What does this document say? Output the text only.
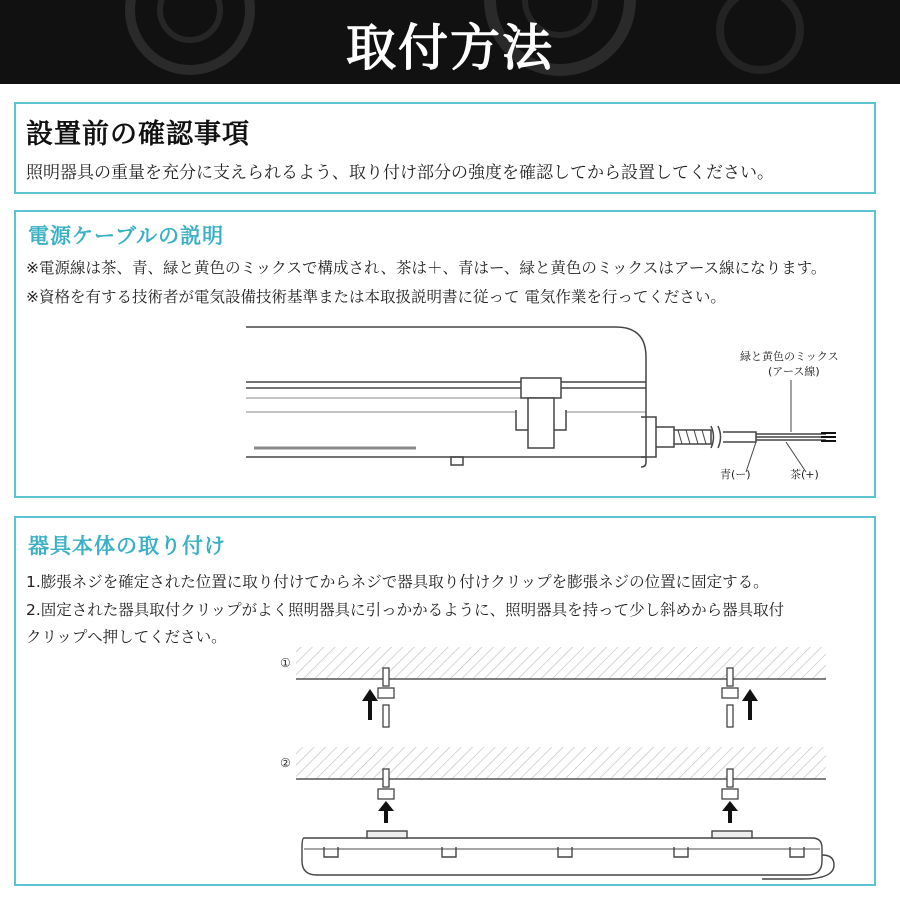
取付方法
設置前の確認事項
照明器具の重量を充分に支えられるよう、取り付け部分の強度を確認してから設置してください。
電源ケーブルの説明
※電源線は茶、青、緑と黄色のミックスで構成され、茶は＋、青はー、緑と黄色のミックスはアース線になります。
※資格を有する技術者が電気設備技術基準または本取扱説明書に従って 電気作業を行ってください。
緑と黄色のミックス
(アース線)
青(ー)	茶(+)
器具本体の取り付け
1.膨張ネジを確定された位置に取り付けてからネジで器具取り付けクリップを膨張ネジの位置に固定する。
2.固定された器具取付クリップがよく照明器具に引っかかるように、照明器具を持って少し斜めから器具取付
クリップへ押してください。
①
②
